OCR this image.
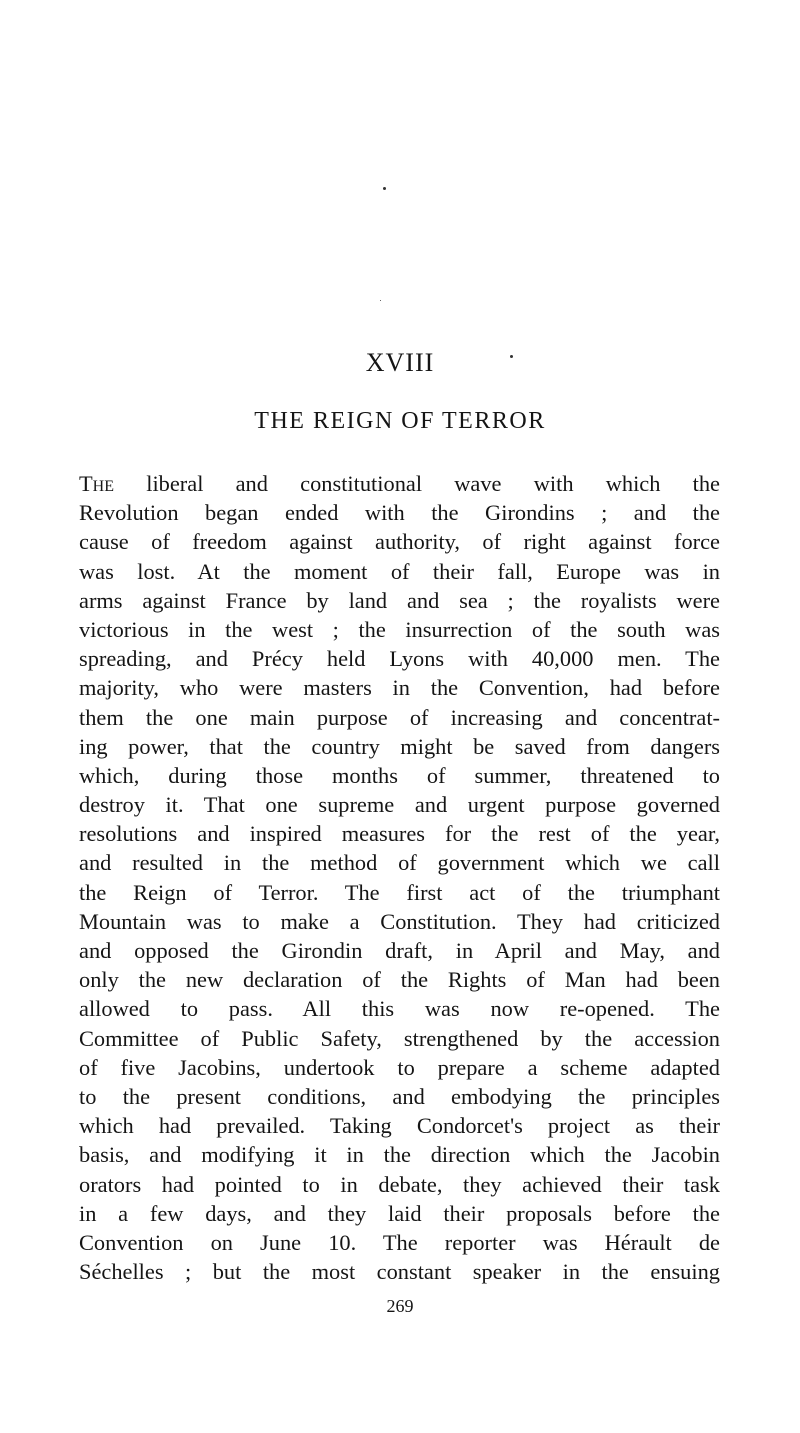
XVIII
THE REIGN OF TERROR
The liberal and constitutional wave with which the
Revolution began ended with the Girondins ; and the
cause of freedom against authority, of right against force
was lost. At the moment of their fall, Europe was in
arms against France by land and sea ; the royalists were
victorious in the west ; the insurrection of the south was
spreading, and Précy held Lyons with 40,000 men. The
majority, who were masters in the Convention, had before
them the one main purpose of increasing and concentrat-
ing power, that the country might be saved from dangers
which, during those months of summer, threatened to
destroy it. That one supreme and urgent purpose governed
resolutions and inspired measures for the rest of the year,
and resulted in the method of government which we call
the Reign of Terror. The first act of the triumphant
Mountain was to make a Constitution. They had criticized
and opposed the Girondin draft, in April and May, and
only the new declaration of the Rights of Man had been
allowed to pass. All this was now re-opened. The
Committee of Public Safety, strengthened by the accession
of five Jacobins, undertook to prepare a scheme adapted
to the present conditions, and embodying the principles
which had prevailed. Taking Condorcet's project as their
basis, and modifying it in the direction which the Jacobin
orators had pointed to in debate, they achieved their task
in a few days, and they laid their proposals before the
Convention on June 10. The reporter was Hérault de
Séchelles ; but the most constant speaker in the ensuing
269
